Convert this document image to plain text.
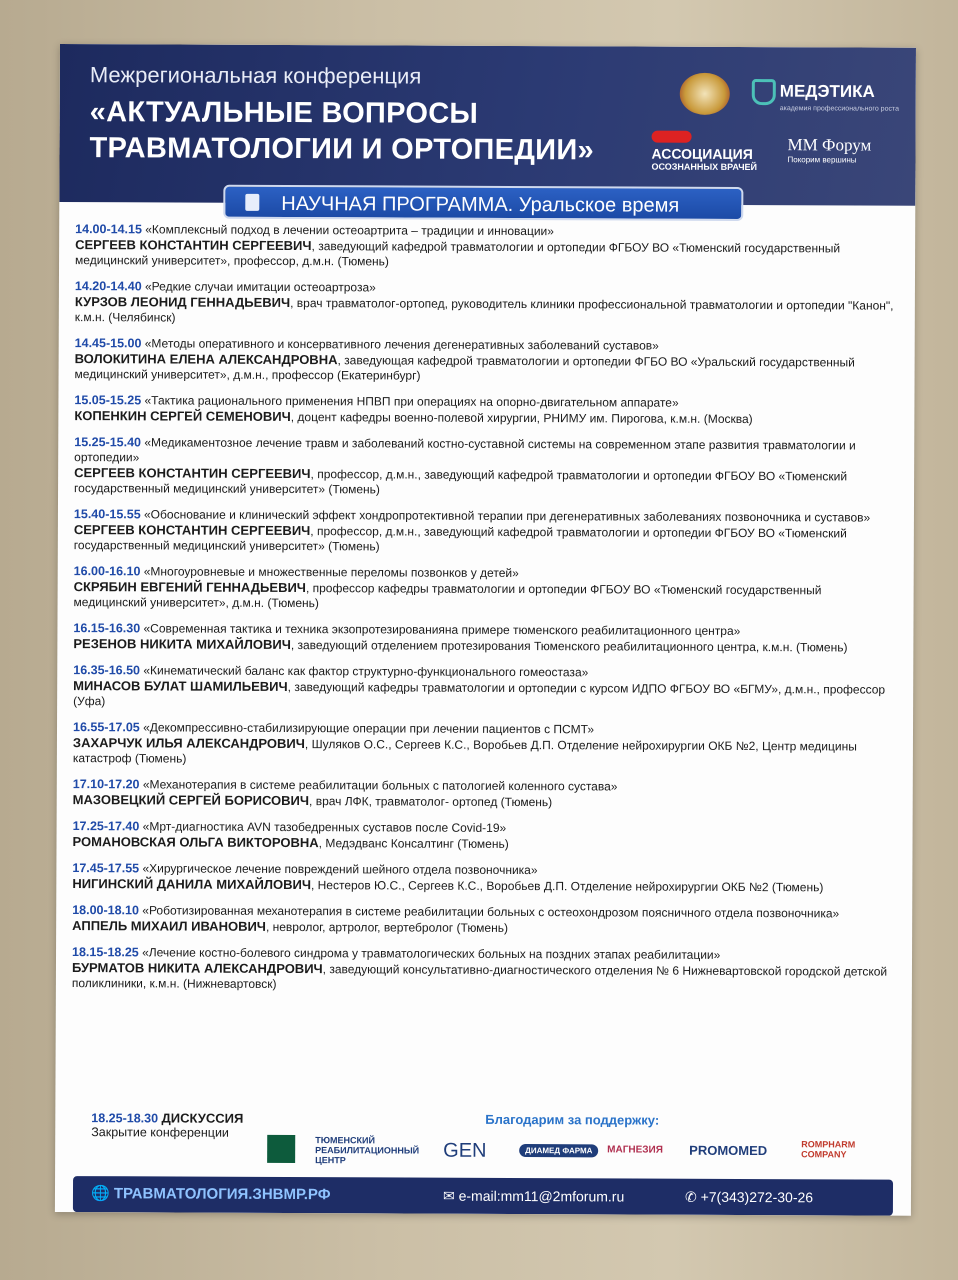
Межрегиональная конференция
«АКТУАЛЬНЫЕ ВОПРОСЫ
ТРАВМАТОЛОГИИ И ОРТОПЕДИИ»
МЕДЭТИКА
академия профессионального роста
АССОЦИАЦИЯ
ОСОЗНАННЫХ ВРАЧЕЙ
ММ Форум
Покорим вершины
НАУЧНАЯ ПРОГРАММА. Уральское время
14.00-14.15 «Комплексный подход в лечении остеоартрита – традиции и инновации»
СЕРГЕЕВ КОНСТАНТИН СЕРГЕЕВИЧ, заведующий кафедрой травматологии и ортопедии ФГБОУ ВО «Тюменский государственный медицинский университет», профессор, д.м.н. (Тюмень)
14.20-14.40 «Редкие случаи имитации остеоартроза»
КУРЗОВ ЛЕОНИД ГЕННАДЬЕВИЧ, врач травматолог-ортопед, руководитель клиники профессиональной травматологии и ортопедии "Канон", к.м.н. (Челябинск)
14.45-15.00 «Методы оперативного и консервативного лечения дегенеративных заболеваний суставов»
ВОЛОКИТИНА ЕЛЕНА АЛЕКСАНДРОВНА, заведующая кафедрой травматологии и ортопедии ФГБО ВО «Уральский государственный медицинский университет», д.м.н., профессор (Екатеринбург)
15.05-15.25 «Тактика рационального применения НПВП при операциях на опорно-двигательном аппарате»
КОПЕНКИН СЕРГЕЙ СЕМЕНОВИЧ, доцент кафедры военно-полевой хирургии, РНИМУ им. Пирогова, к.м.н. (Москва)
15.25-15.40 «Медикаментозное лечение травм и заболеваний костно-суставной системы на современном этапе развития травматологии и ортопедии»
СЕРГЕЕВ КОНСТАНТИН СЕРГЕЕВИЧ, профессор, д.м.н., заведующий кафедрой травматологии и ортопедии ФГБОУ ВО «Тюменский государственный медицинский университет» (Тюмень)
15.40-15.55 «Обоснование и клинический эффект хондропротективной терапии при дегенеративных заболеваниях позвоночника и суставов»
СЕРГЕЕВ КОНСТАНТИН СЕРГЕЕВИЧ, профессор, д.м.н., заведующий кафедрой травматологии и ортопедии ФГБОУ ВО «Тюменский государственный медицинский университет» (Тюмень)
16.00-16.10 «Многоуровневые и множественные переломы позвонков у детей»
СКРЯБИН ЕВГЕНИЙ ГЕННАДЬЕВИЧ, профессор кафедры травматологии и ортопедии ФГБОУ ВО «Тюменский государственный медицинский университет», д.м.н. (Тюмень)
16.15-16.30 «Современная тактика и техника экзопротезированияна примере тюменского реабилитационного центра»
РЕЗЕНОВ НИКИТА МИХАЙЛОВИЧ, заведующий отделением протезирования Тюменского реабилитационного центра, к.м.н. (Тюмень)
16.35-16.50 «Кинематический баланс как фактор структурно-функционального гомеостаза»
МИНАСОВ БУЛАТ ШАМИЛЬЕВИЧ, заведующий кафедры травматологии и ортопедии с курсом ИДПО ФГБОУ ВО «БГМУ», д.м.н., профессор (Уфа)
16.55-17.05 «Декомпрессивно-стабилизирующие операции при лечении пациентов с ПСМТ»
ЗАХАРЧУК ИЛЬЯ АЛЕКСАНДРОВИЧ, Шуляков О.С., Сергеев К.С., Воробьев Д.П. Отделение нейрохирургии ОКБ №2, Центр медицины катастроф (Тюмень)
17.10-17.20 «Механотерапия в системе реабилитации больных с патологией коленного сустава»
МАЗОВЕЦКИЙ СЕРГЕЙ БОРИСОВИЧ, врач ЛФК, травматолог- ортопед (Тюмень)
17.25-17.40 «Мрт-диагностика AVN тазобедренных суставов после Covid-19»
РОМАНОВСКАЯ ОЛЬГА ВИКТОРОВНА, Медэдванс Консалтинг (Тюмень)
17.45-17.55 «Хирургическое лечение повреждений шейного отдела позвоночника»
НИГИНСКИЙ ДАНИЛА МИХАЙЛОВИЧ, Нестеров Ю.С., Сергеев К.С., Воробьев Д.П. Отделение нейрохирургии ОКБ №2 (Тюмень)
18.00-18.10 «Роботизированная механотерапия в системе реабилитации больных с остеохондрозом поясничного отдела позвоночника»
АППЕЛЬ МИХАИЛ ИВАНОВИЧ, невролог, артролог, вертебролог (Тюмень)
18.15-18.25 «Лечение костно-болевого синдрома у травматологических больных на поздних этапах реабилитации»
БУРМАТОВ НИКИТА АЛЕКСАНДРОВИЧ, заведующий консультативно-диагностического отделения № 6 Нижневартовской городской детской поликлиники, к.м.н. (Нижневартовск)
18.25-18.30 ДИСКУССИЯ
Закрытие конференции
Благодарим за поддержку:
ТЮМЕНСКИЙ
РЕАБИЛИТАЦИОННЫЙ
ЦЕНТР	GEN	ДИАМЕД ФАРМА	МАГНЕЗИЯ PROMOMED	ROMPHARM COMPANY
🌐 ТРАВМАТОЛОГИЯ.ЗНВМР.РФ	✉ e-mail:mm11@2mforum.ru	✆ +7(343)272-30-26
